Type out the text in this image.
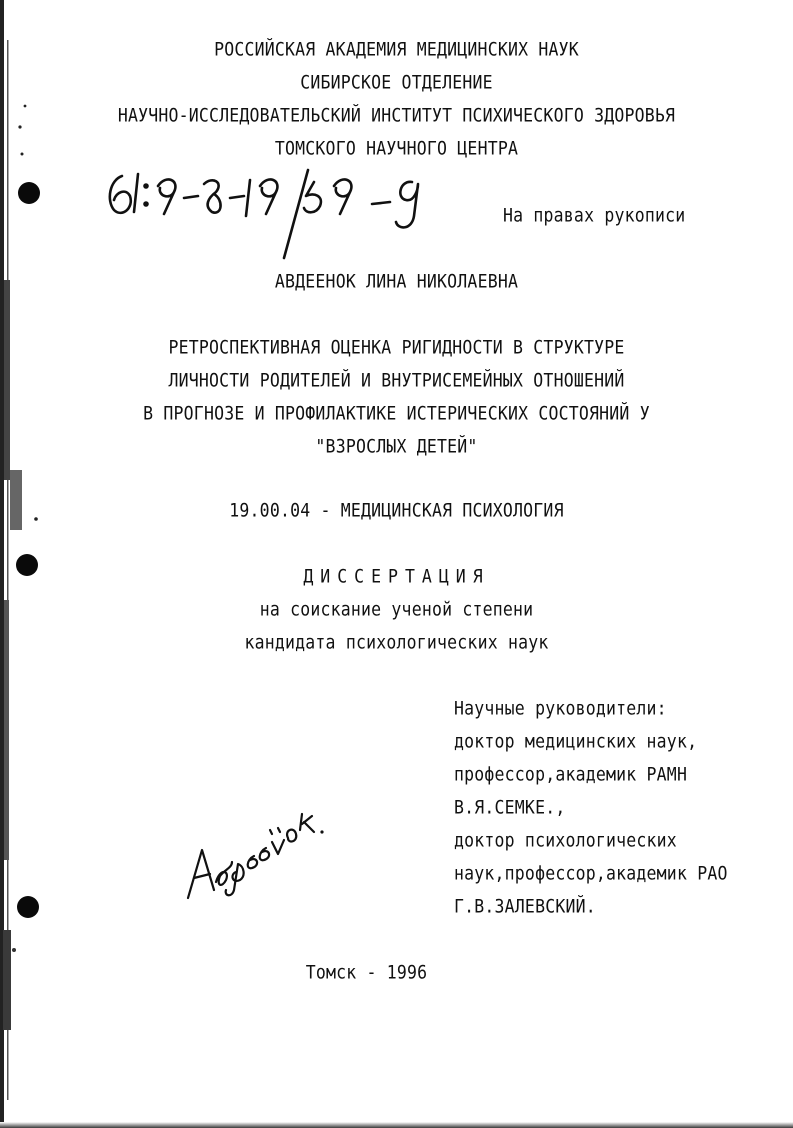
РОССИЙСКАЯ АКАДЕМИЯ МЕДИЦИНСКИХ НАУК
СИБИРСКОЕ ОТДЕЛЕНИЕ
НАУЧНО-ИССЛЕДОВАТЕЛЬСКИЙ ИНСТИТУТ ПСИХИЧЕСКОГО ЗДОРОВЬЯ
ТОМСКОГО НАУЧНОГО ЦЕНТРА
На правах рукописи
АВДЕЕНОК ЛИНА НИКОЛАЕВНА
РЕТРОСПЕКТИВНАЯ ОЦЕНКА РИГИДНОСТИ В СТРУКТУРЕ
ЛИЧНОСТИ РОДИТЕЛЕЙ И ВНУТРИСЕМЕЙНЫХ ОТНОШЕНИЙ
В ПРОГНОЗЕ И ПРОФИЛАКТИКЕ ИСТЕРИЧЕСКИХ СОСТОЯНИЙ У
"ВЗРОСЛЫХ ДЕТЕЙ"
19.00.04 - МЕДИЦИНСКАЯ ПСИХОЛОГИЯ
ДИССЕРТАЦИЯ
на соискание ученой степени
кандидата психологических наук
Научные руководители:
доктор медицинских наук,
профессор,академик РАМН
В.Я.СЕМКЕ.,
доктор психологических
наук,профессор,академик РАО
Г.В.ЗАЛЕВСКИЙ.
Томск - 1996
